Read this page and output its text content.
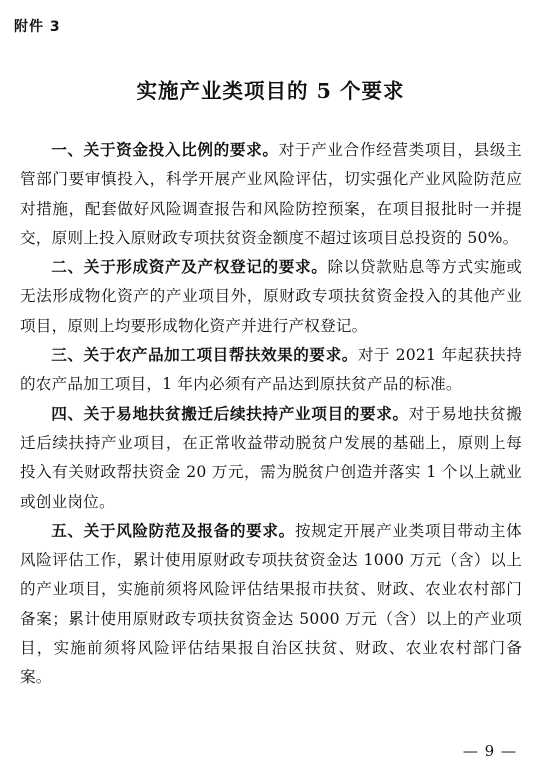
附件 3
实施产业类项目的 5 个要求

一、关于资金投入比例的要求。对于产业合作经营类项目，县级主管部门要审慎投入，科学开展产业风险评估，切实强化产业风险防范应对措施，配套做好风险调查报告和风险防控预案，在项目报批时一并提交，原则上投入原财政专项扶贫资金额度不超过该项目总投资的 50%。

二、关于形成资产及产权登记的要求。除以贷款贴息等方式实施或无法形成物化资产的产业项目外，原财政专项扶贫资金投入的其他产业项目，原则上均要形成物化资产并进行产权登记。

三、关于农产品加工项目帮扶效果的要求。对于 2021 年起获扶持的农产品加工项目，1 年内必须有产品达到原扶贫产品的标准。

四、关于易地扶贫搬迁后续扶持产业项目的要求。对于易地扶贫搬迁后续扶持产业项目，在正常收益带动脱贫户发展的基础上，原则上每投入有关财政帮扶资金 20 万元，需为脱贫户创造并落实 1 个以上就业或创业岗位。

五、关于风险防范及报备的要求。按规定开展产业类项目带动主体风险评估工作，累计使用原财政专项扶贫资金达 1000 万元（含）以上的产业项目，实施前须将风险评估结果报市扶贫、财政、农业农村部门备案；累计使用原财政专项扶贫资金达 5000 万元（含）以上的产业项目，实施前须将风险评估结果报自治区扶贫、财政、农业农村部门备案。

— 9 —
